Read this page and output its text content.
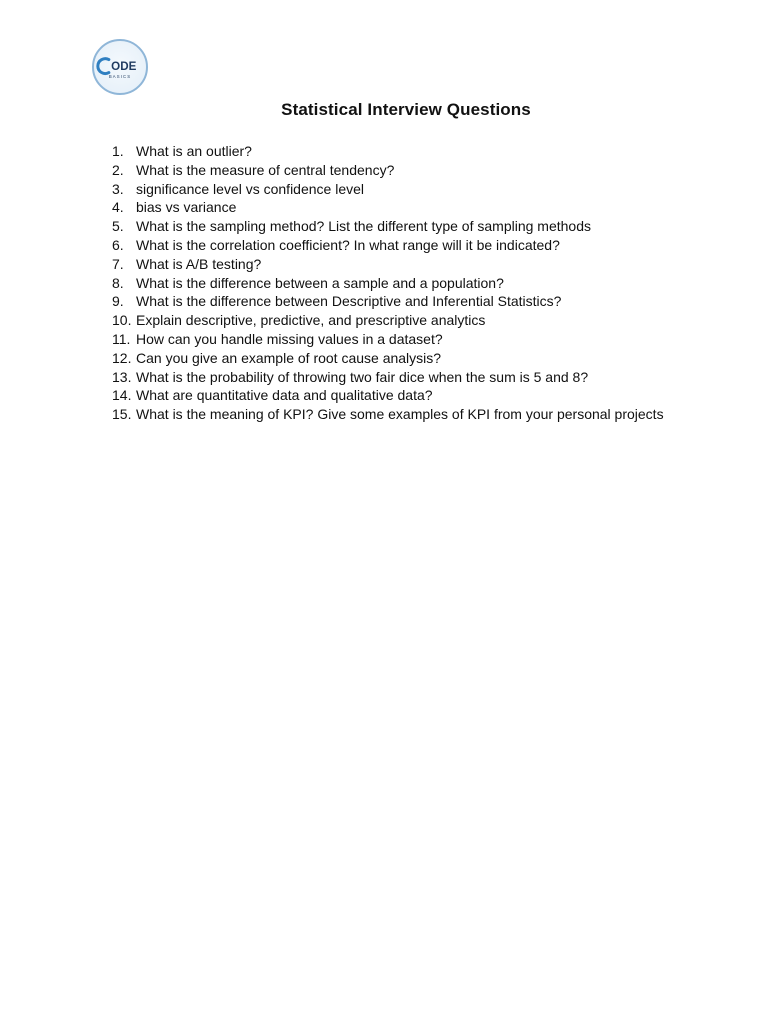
ODE
BASICS
Statistical Interview Questions
1. What is an outlier?
2. What is the measure of central tendency?
3. significance level vs confidence level
4. bias vs variance
5. What is the sampling method? List the different type of sampling methods
6. What is the correlation coefficient? In what range will it be indicated?
7. What is A/B testing?
8. What is the difference between a sample and a population?
9. What is the difference between Descriptive and Inferential Statistics?
10. Explain descriptive, predictive, and prescriptive analytics
11. How can you handle missing values in a dataset?
12. Can you give an example of root cause analysis?
13. What is the probability of throwing two fair dice when the sum is 5 and 8?
14. What are quantitative data and qualitative data?
15. What is the meaning of KPI? Give some examples of KPI from your personal projects
